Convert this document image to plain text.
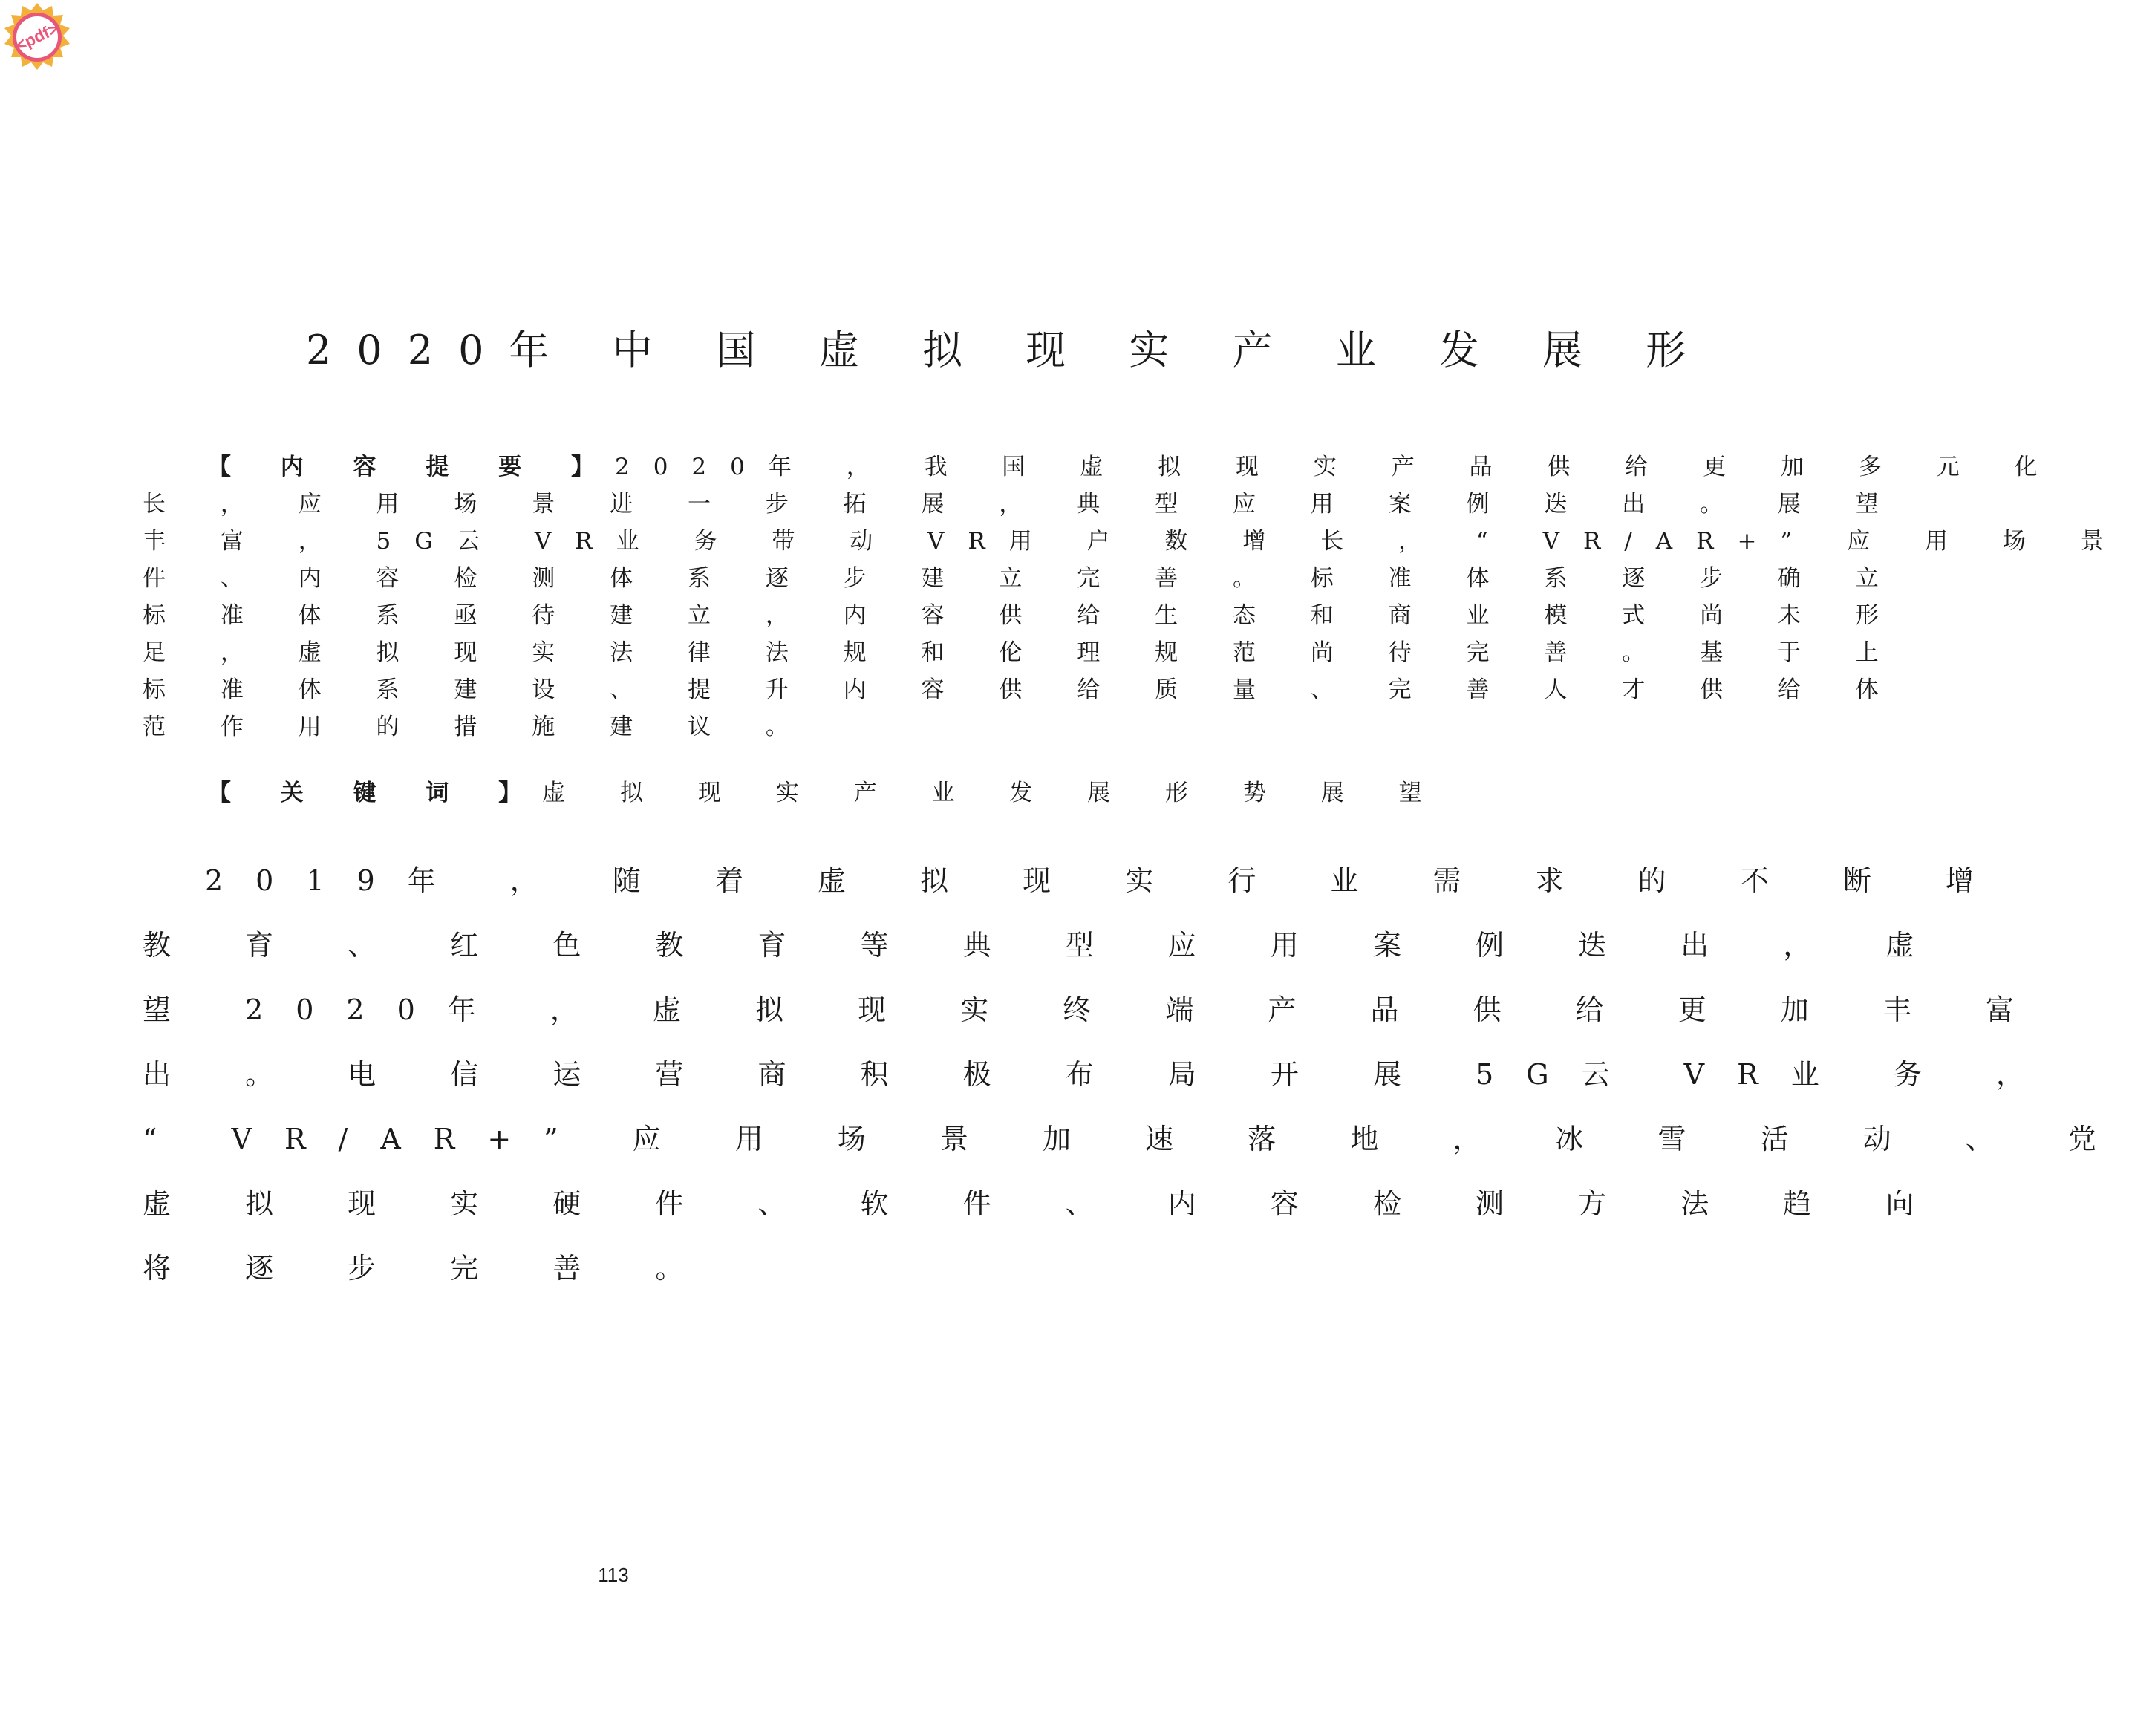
<pdf>
2020年 中 国 虚 拟 现 实 产 业 发 展 形
【 内 容 提 要 】2020年 ， 我 国 虚 拟 现 实 产 品 供 给 更 加 多 元 化
长 ， 应 用 场 景 进 一 步 拓 展 ， 典 型 应 用 案 例 迭 出 。 展 望
丰 富 ， 5G云 VR业 务 带 动 VR用 户 数 增 长 ， “ VR/AR+” 应 用 场 景
件 、 内 容 检 测 体 系 逐 步 建 立 完 善 。 标 准 体 系 逐 步 确 立
标 准 体 系 亟 待 建 立 ， 内 容 供 给 生 态 和 商 业 模 式 尚 未 形
足 ， 虚 拟 现 实 法 律 法 规 和 伦 理 规 范 尚 待 完 善 。 基 于 上
标 准 体 系 建 设 、 提 升 内 容 供 给 质 量 、 完 善 人 才 供 给 体
范 作 用 的 措 施 建 议 。
【 关 键 词 】虚 拟 现 实 产 业 发 展 形 势 展 望
2019年 ， 随 着 虚 拟 现 实 行 业 需 求 的 不 断 增
教 育 、 红 色 教 育 等 典 型 应 用 案 例 迭 出 ， 虚
望 2020年 ， 虚 拟 现 实 终 端 产 品 供 给 更 加 丰 富
出 。 电 信 运 营 商 积 极 布 局 开 展 5G云 VR业 务 ，
“ VR/AR+” 应 用 场 景 加 速 落 地 ， 冰 雪 活 动 、 党
虚 拟 现 实 硬 件 、 软 件 、 内 容 检 测 方 法 趋 向
将 逐 步 完 善 。
113
